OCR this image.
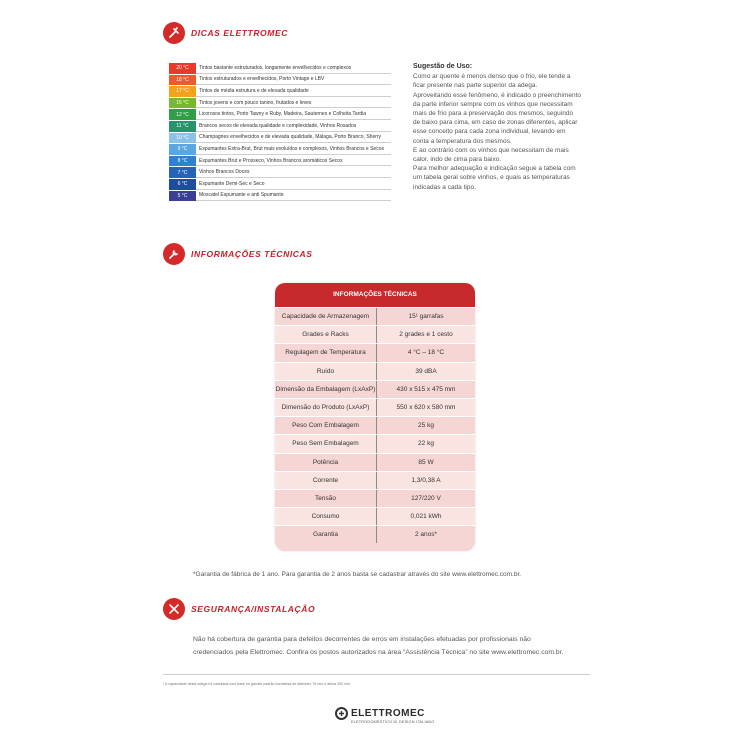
DICAS ELETTROMEC
20 °C	Tintos bastante estruturados, longamente envelhecidos e complexos
18 °C	Tintos estruturados e envelhecidos, Porto Vintage e LBV
17 °C	Tintos de média estrutura e de elevada qualidade
15 °C	Tintos jovens e com pouco tanino, frutados e leves
12 °C	Licorosos tintos, Porto Tawny e Ruby, Madeira, Sauternes e Colheita Tardia
11 °C	Brancos secos de elevada qualidade e complexidade, Vinhos Rosados
10 °C	Champagnes envelhecidos e de elevada qualidade, Málaga, Porto Branco, Sherry
9 °C	Espumantes Extra-Brut, Brut mais evoluídos e complexos, Vinhos Brancos e Secos
8 °C	Espumantes Brut e Prosseco, Vinhos Brancos aromáticos Secos
7 °C	Vinhos Brancos Doces
6 °C	Espumante Demi-Sec e Seco
5 °C	Moscatel Espumante e anti Spumante
Sugestão de Uso:
Como ar quente é menos denso que o frio, ele tende a
ficar presente nas parte superior da adega.
Aproveitando esse fenômeno, é indicado o preenchimento
da parte inferior sempre com os vinhos que necessitam
mais de frio para a preservação dos mesmos, seguindo
de baixo para cima, em caso de zonas diferentes, aplicar
esse conceito para cada zona individual, levando em
conta a temperatura dos mesmos.
E ao contrário com os vinhos que necessitam de mais
calor, indo de cima para baixo.
Para melhor adequação e indicação segue a tabela com
um tabela geral sobre vinhos, e quais as temperaturas
indicadas a cada tipo.
INFORMAÇÕES TÉCNICAS
INFORMAÇÕES TÉCNICAS
Capacidade de Armazenagem	15¹ garrafas
Grades e Racks	2 grades e 1 cesto
Regulagem de Temperatura	4 °C – 18 °C
Ruído	39 dBA
Dimensão da Embalagem (LxAxP)	430 x 515 x 475 mm
Dimensão do Produto (LxAxP)	550 x 620 x 580 mm
Peso Com Embalagem	25 kg
Peso Sem Embalagem	22 kg
Potência	85 W
Corrente	1,3/0,38 A
Tensão	127/220 V
Consumo	0,021 kWh
Garantia	2 anos*
*Garantia de fábrica de 1 ano. Para garantia de 2 anos basta se cadastrar através do site www.elettromec.com.br.
SEGURANÇA/INSTALAÇÃO
Não há cobertura de garantia para defeitos decorrentes de erros em instalações efetuadas por profissionais não
credenciados pela Elettromec. Confira os postos autorizados na área “Assistência Técnica” no site www.elettromec.com.br.
¹ A capacidade desta adega foi calculada com base na garrafa padrão bordalesa de diâmetro 76 mm e altura 300 mm.
ELETTROMEC
ELETRODOMÉSTICO DI DESIGN ITALIANO
